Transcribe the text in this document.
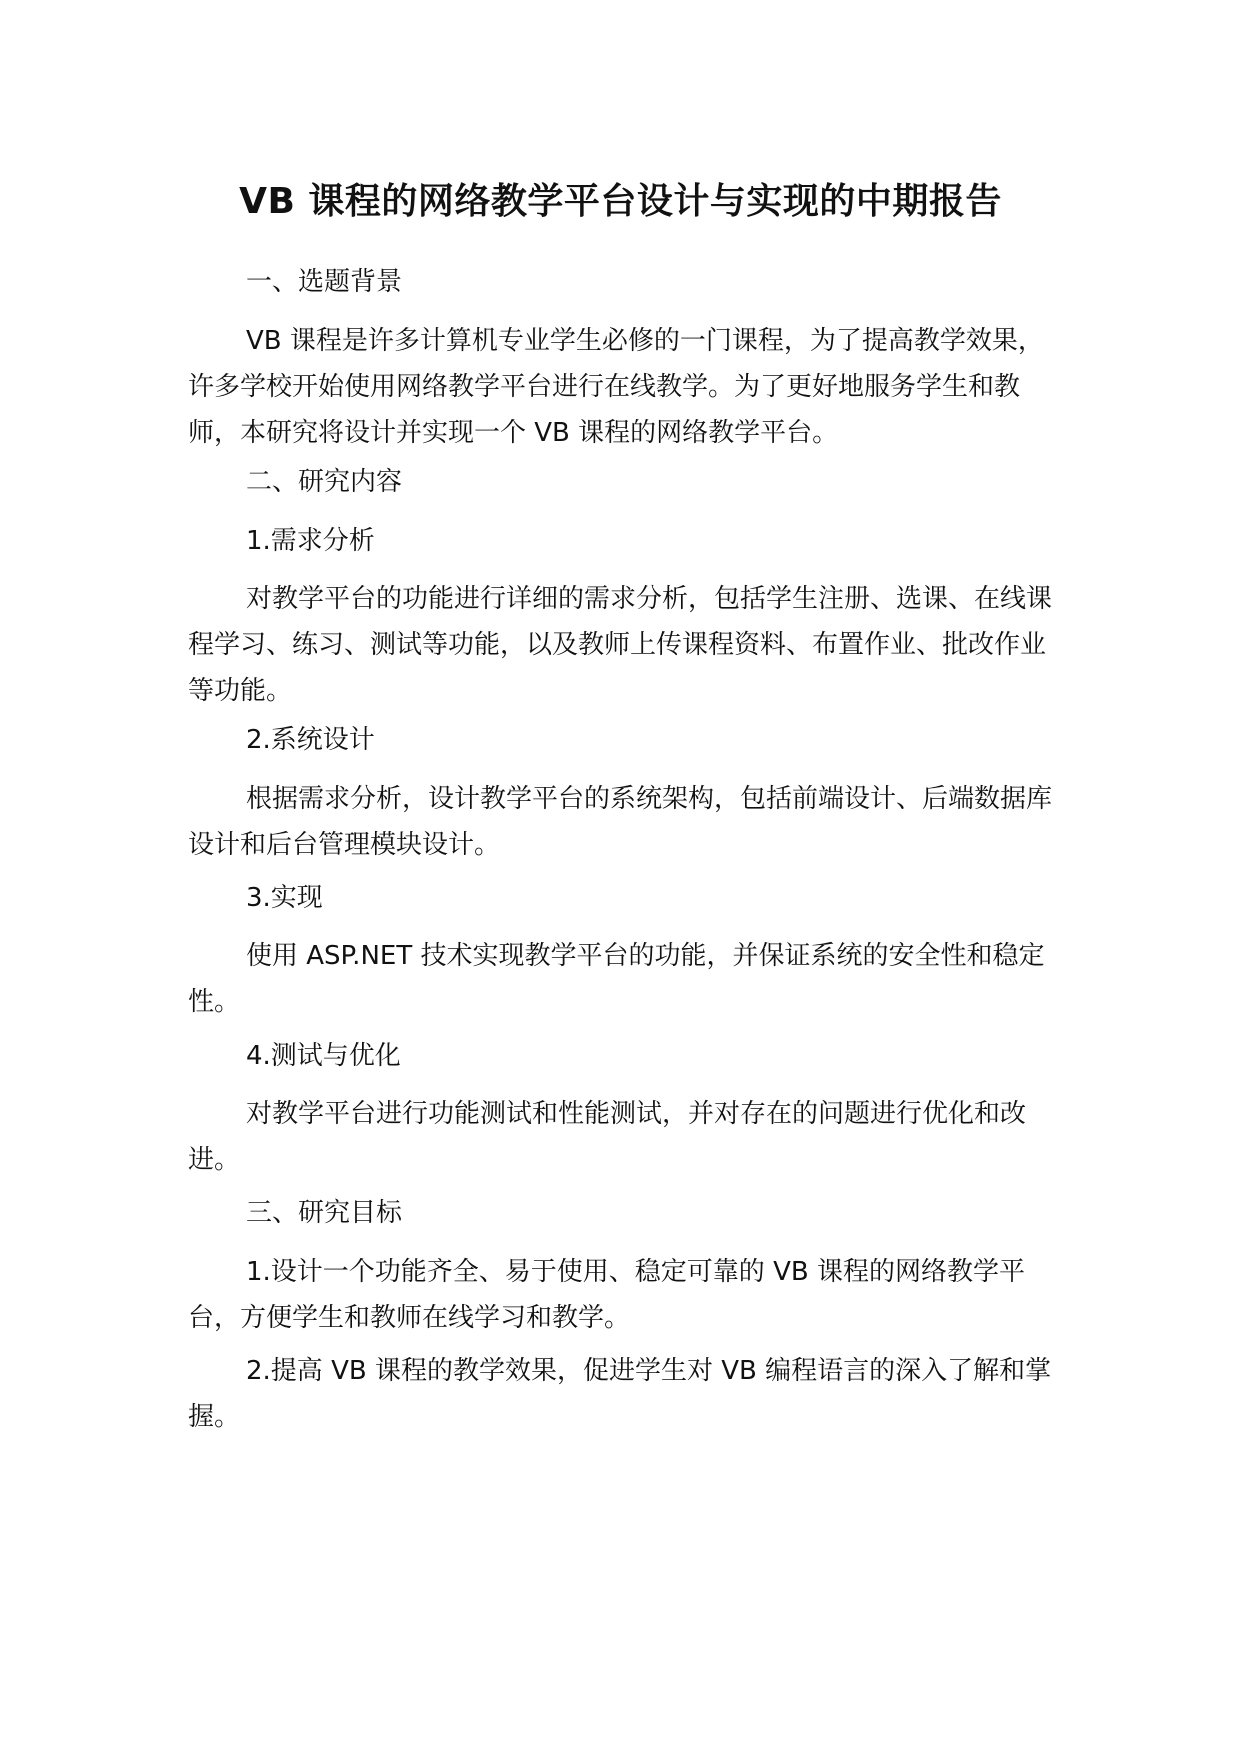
VB 课程的网络教学平台设计与实现的中期报告
一、选题背景
VB 课程是许多计算机专业学生必修的一门课程，为了提高教学效果，许多学校开始使用网络教学平台进行在线教学。为了更好地服务学生和教师，本研究将设计并实现一个 VB 课程的网络教学平台。
二、研究内容
1.需求分析
对教学平台的功能进行详细的需求分析，包括学生注册、选课、在线课程学习、练习、测试等功能，以及教师上传课程资料、布置作业、批改作业等功能。
2.系统设计
根据需求分析，设计教学平台的系统架构，包括前端设计、后端数据库设计和后台管理模块设计。
3.实现
使用 ASP.NET 技术实现教学平台的功能，并保证系统的安全性和稳定性。
4.测试与优化
对教学平台进行功能测试和性能测试，并对存在的问题进行优化和改进。
三、研究目标
1.设计一个功能齐全、易于使用、稳定可靠的 VB 课程的网络教学平台，方便学生和教师在线学习和教学。
2.提高 VB 课程的教学效果，促进学生对 VB 编程语言的深入了解和掌握。
